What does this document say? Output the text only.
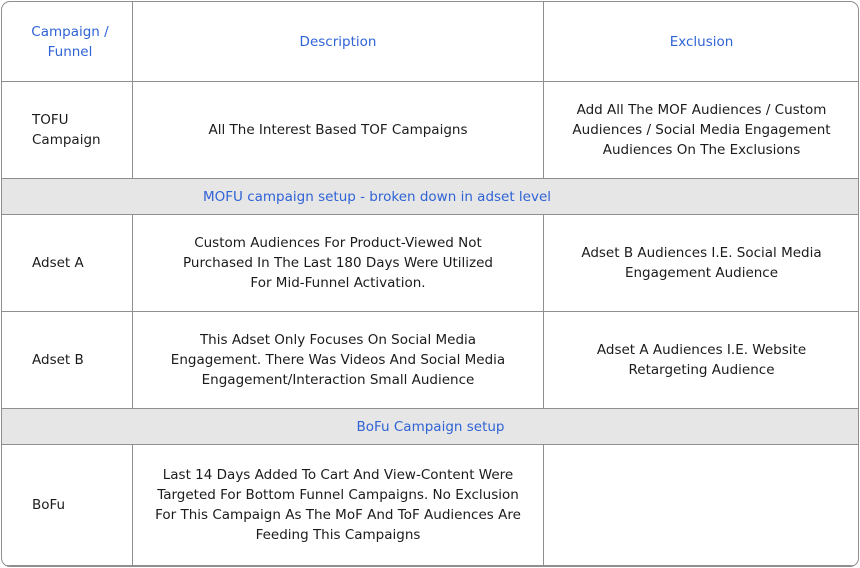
Campaign / Funnel	Description	Exclusion
TOFU Campaign	All The Interest Based TOF Campaigns	Add All The MOF Audiences / Custom Audiences / Social Media Engagement Audiences On The Exclusions
MOFU campaign setup - broken down in adset level		
Adset A	Custom Audiences For Product-Viewed Not Purchased In The Last 180 Days Were Utilized For Mid-Funnel Activation.	Adset B Audiences I.E. Social Media Engagement Audience
Adset B	This Adset Only Focuses On Social Media Engagement. There Was Videos And Social Media Engagement/Interaction Small Audience	Adset A Audiences I.E. Website Retargeting Audience
BoFu Campaign setup		
BoFu	Last 14 Days Added To Cart And View-Content Were Targeted For Bottom Funnel Campaigns. No Exclusion For This Campaign As The MoF And ToF Audiences Are Feeding This Campaigns	
